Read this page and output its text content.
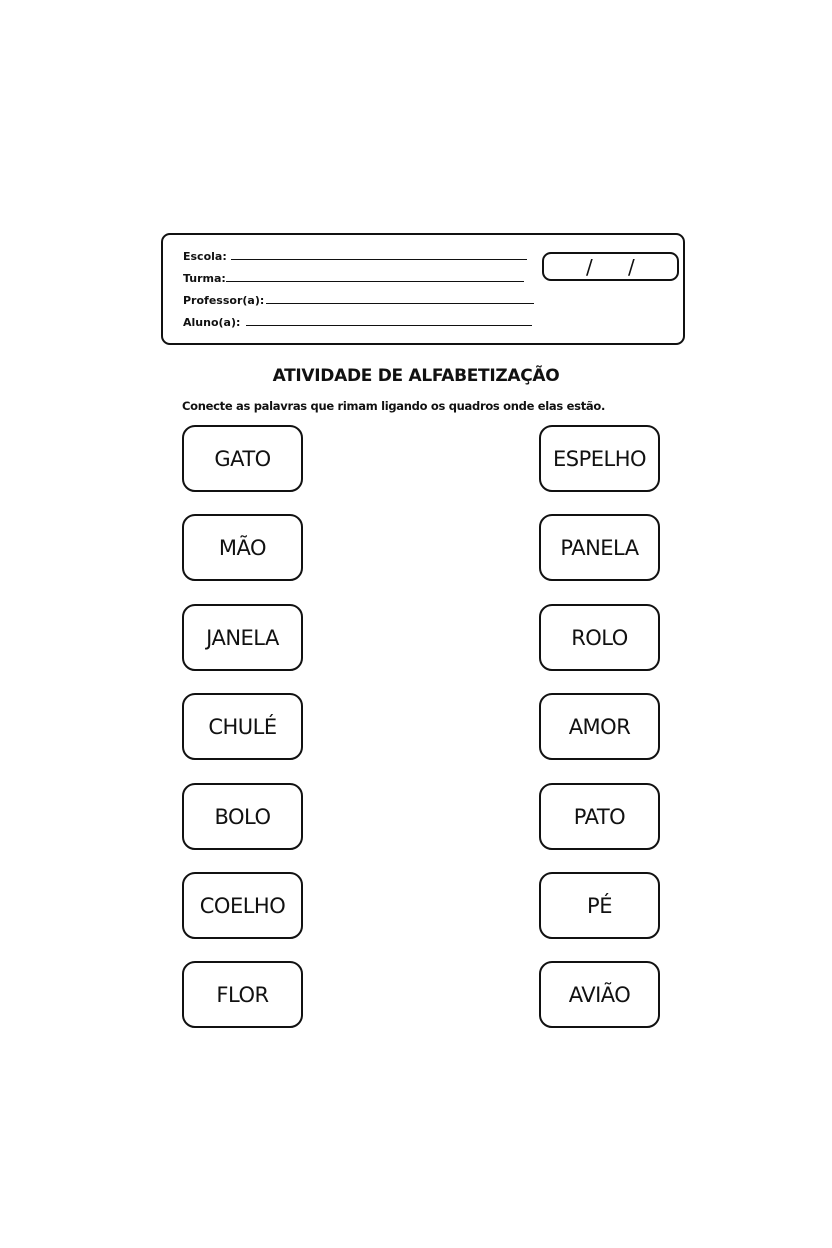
Escola:
Turma:
Professor(a):
Aluno(a):
/ /
ATIVIDADE DE ALFABETIZAÇÃO
Conecte as palavras que rimam ligando os quadros onde elas estão.
GATO
MÃO
JANELA
CHULÉ
BOLO
COELHO
FLOR
ESPELHO
PANELA
ROLO
AMOR
PATO
PÉ
AVIÃO
